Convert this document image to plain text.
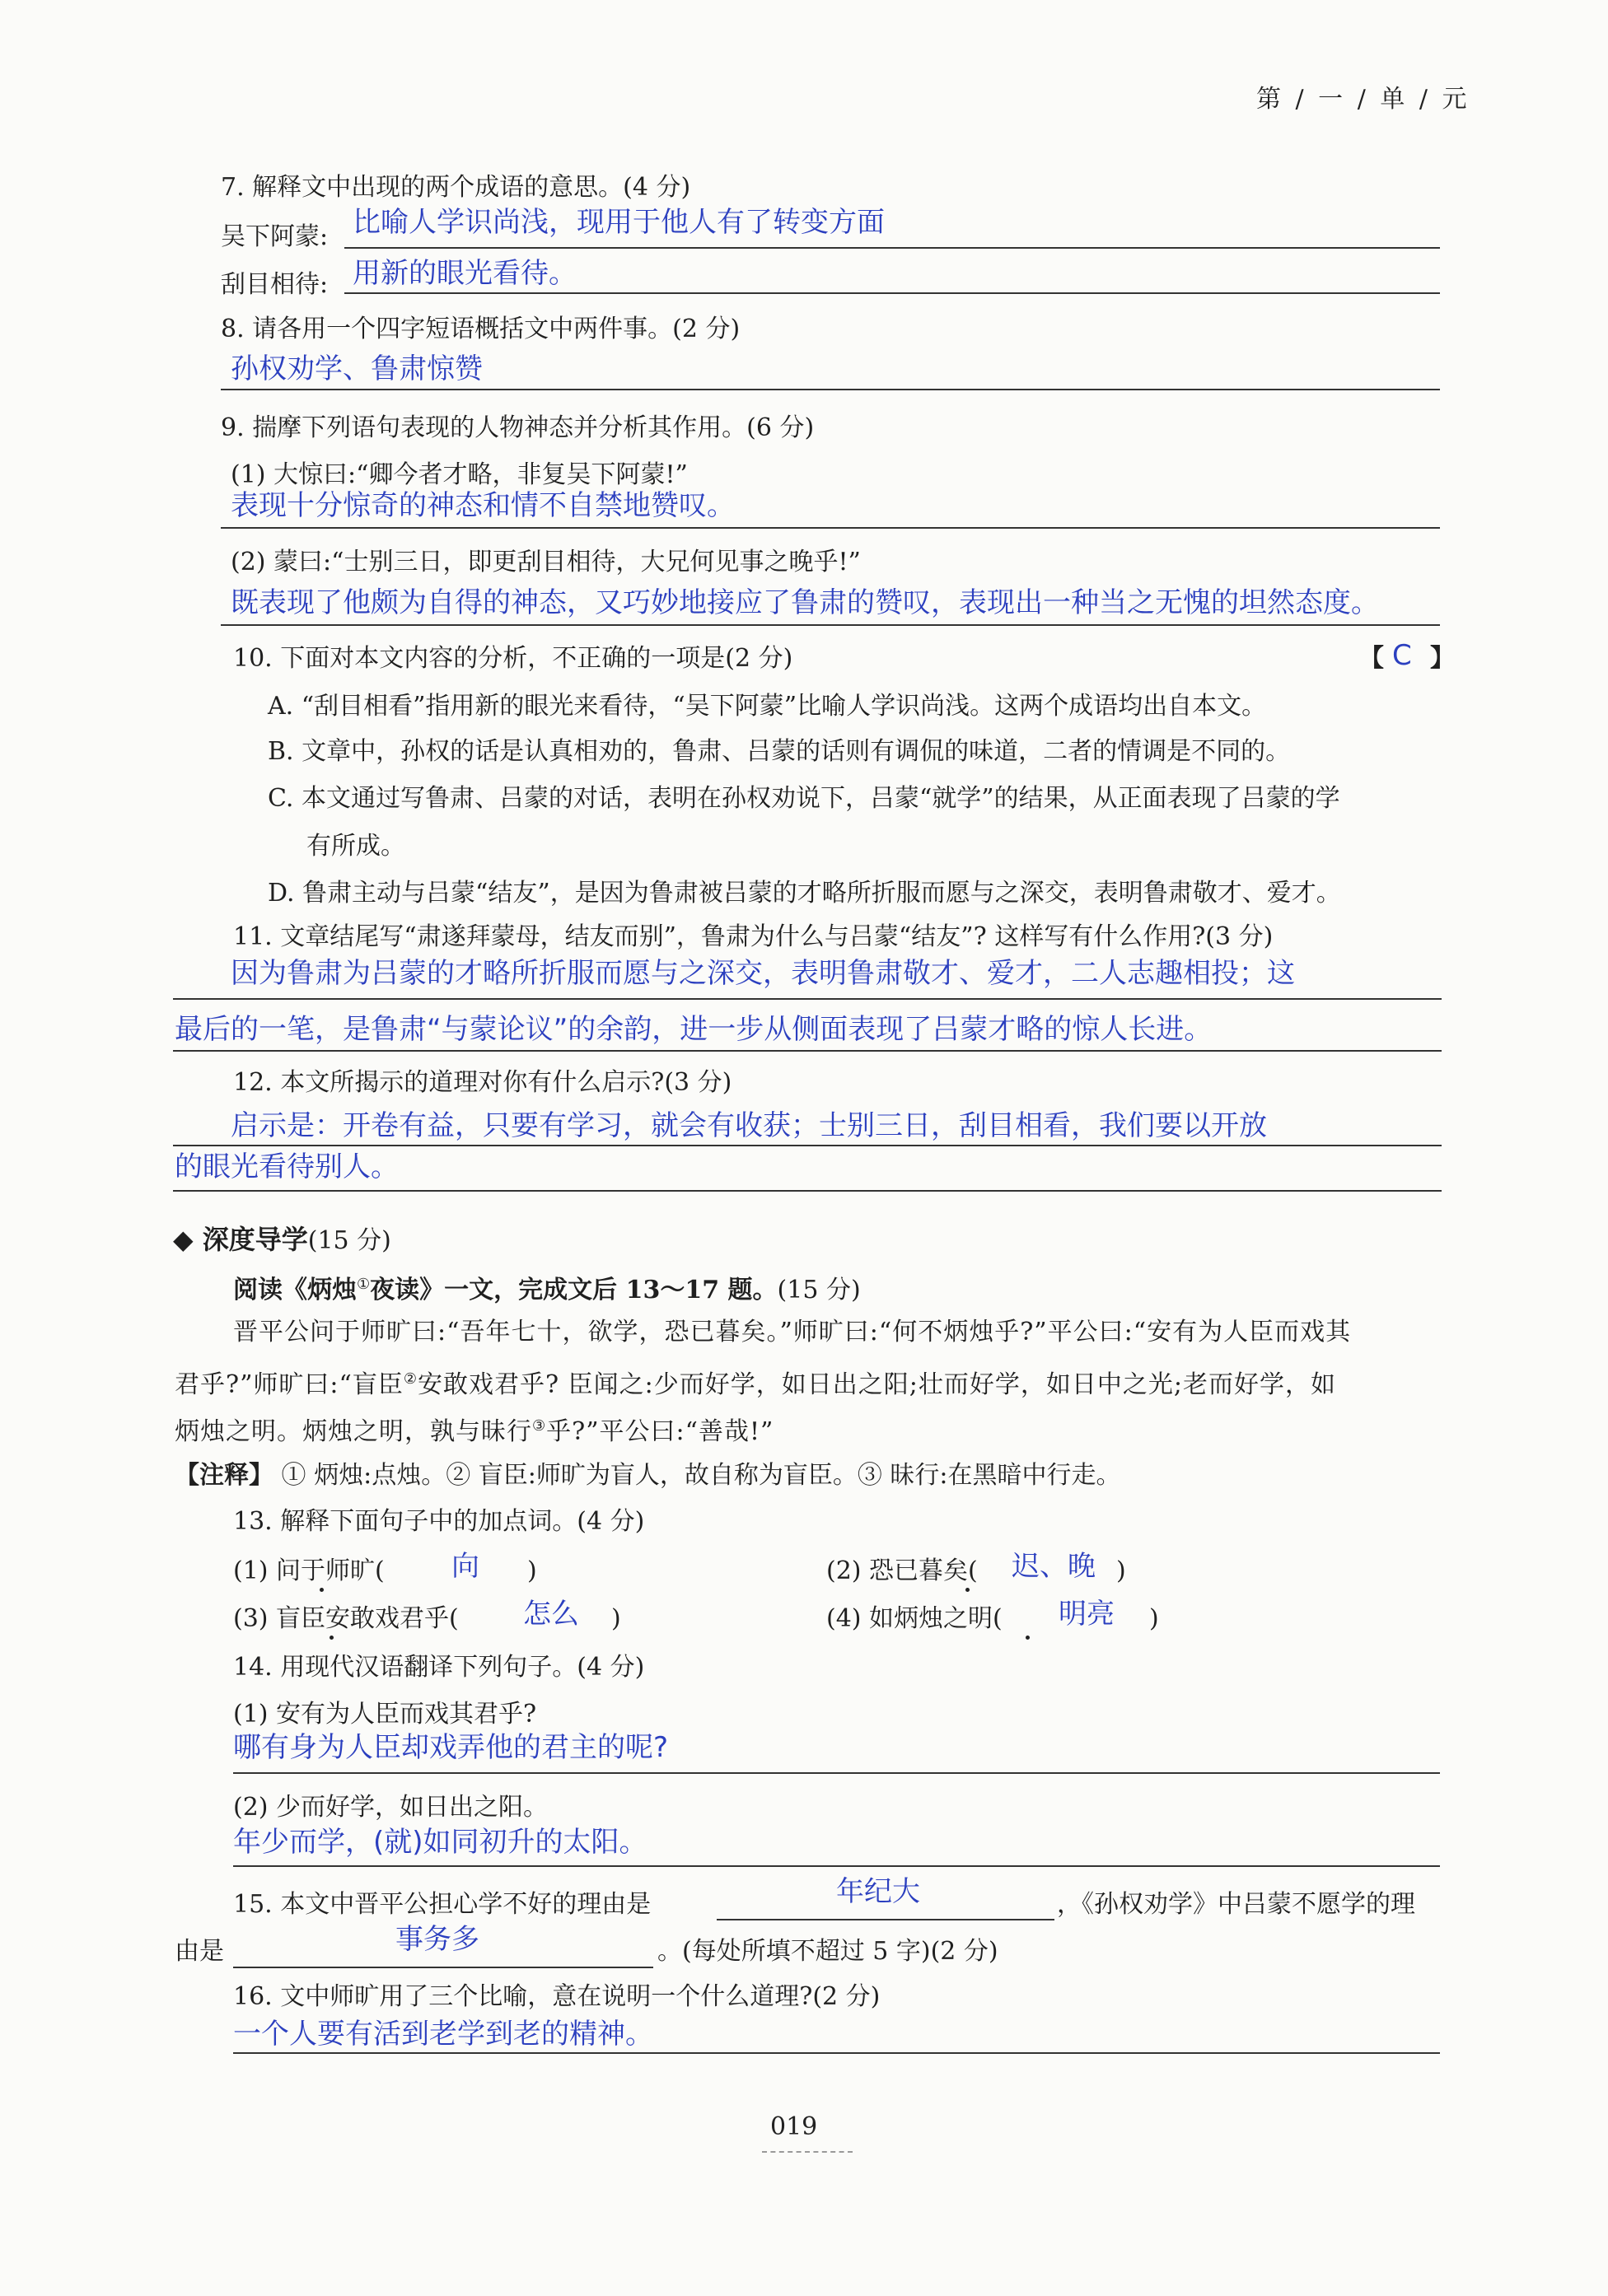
第 / 一 / 单 / 元
7. 解释文中出现的两个成语的意思。(4 分)
吴下阿蒙: 比喻人学识尚浅，现用于他人有了转变方面
刮目相待: 用新的眼光看待。
8. 请各用一个四字短语概括文中两件事。(2 分)
孙权劝学、鲁肃惊赞
9. 揣摩下列语句表现的人物神态并分析其作用。(6 分)
(1) 大惊曰:“卿今者才略，非复吴下阿蒙!”
表现十分惊奇的神态和情不自禁地赞叹。
(2) 蒙曰:“士别三日，即更刮目相待，大兄何见事之晚乎!”
既表现了他颇为自得的神态，又巧妙地接应了鲁肃的赞叹，表现出一种当之无愧的坦然态度。
10. 下面对本文内容的分析，不正确的一项是(2 分)	【 C 】
A. “刮目相看”指用新的眼光来看待，“吴下阿蒙”比喻人学识尚浅。这两个成语均出自本文。
B. 文章中，孙权的话是认真相劝的，鲁肃、吕蒙的话则有调侃的味道，二者的情调是不同的。
C. 本文通过写鲁肃、吕蒙的对话，表明在孙权劝说下，吕蒙“就学”的结果，从正面表现了吕蒙的学
有所成。
D. 鲁肃主动与吕蒙“结友”，是因为鲁肃被吕蒙的才略所折服而愿与之深交，表明鲁肃敬才、爱才。
11. 文章结尾写“肃遂拜蒙母，结友而别”，鲁肃为什么与吕蒙“结友”? 这样写有什么作用?(3 分)
因为鲁肃为吕蒙的才略所折服而愿与之深交，表明鲁肃敬才、爱才，二人志趣相投；这
最后的一笔，是鲁肃“与蒙论议”的余韵，进一步从侧面表现了吕蒙才略的惊人长进。
12. 本文所揭示的道理对你有什么启示?(3 分)
启示是：开卷有益，只要有学习，就会有收获；士别三日，刮目相看，我们要以开放
的眼光看待别人。
◆ 深度导学(15 分)
阅读《炳烛①夜读》一文，完成文后 13～17 题。(15 分)
晋平公问于师旷曰:“吾年七十，欲学，恐已暮矣。”师旷曰:“何不炳烛乎?”平公曰:“安有为人臣而戏其
君乎?”师旷曰:“盲臣②安敢戏君乎? 臣闻之:少而好学，如日出之阳;壮而好学，如日中之光;老而好学，如
炳烛之明。炳烛之明，孰与昧行③乎?”平公曰:“善哉!”
【注释】 ① 炳烛:点烛。② 盲臣:师旷为盲人，故自称为盲臣。③ 昧行:在黑暗中行走。
13. 解释下面句子中的加点词。(4 分)
(1) 问于师旷( 向 )	(2) 恐已暮矣( 迟、晚 )
(3) 盲臣安敢戏君乎( 怎么 )	(4) 如炳烛之明( 明亮 )
14. 用现代汉语翻译下列句子。(4 分)
(1) 安有为人臣而戏其君乎?
哪有身为人臣却戏弄他的君主的呢?
(2) 少而好学，如日出之阳。
年少而学，(就)如同初升的太阳。
15. 本文中晋平公担心学不好的理由是	年纪大	，《孙权劝学》中吕蒙不愿学的理
由是	事务多	。(每处所填不超过 5 字)(2 分)
16. 文中师旷用了三个比喻，意在说明一个什么道理?(2 分)
一个人要有活到老学到老的精神。
019
